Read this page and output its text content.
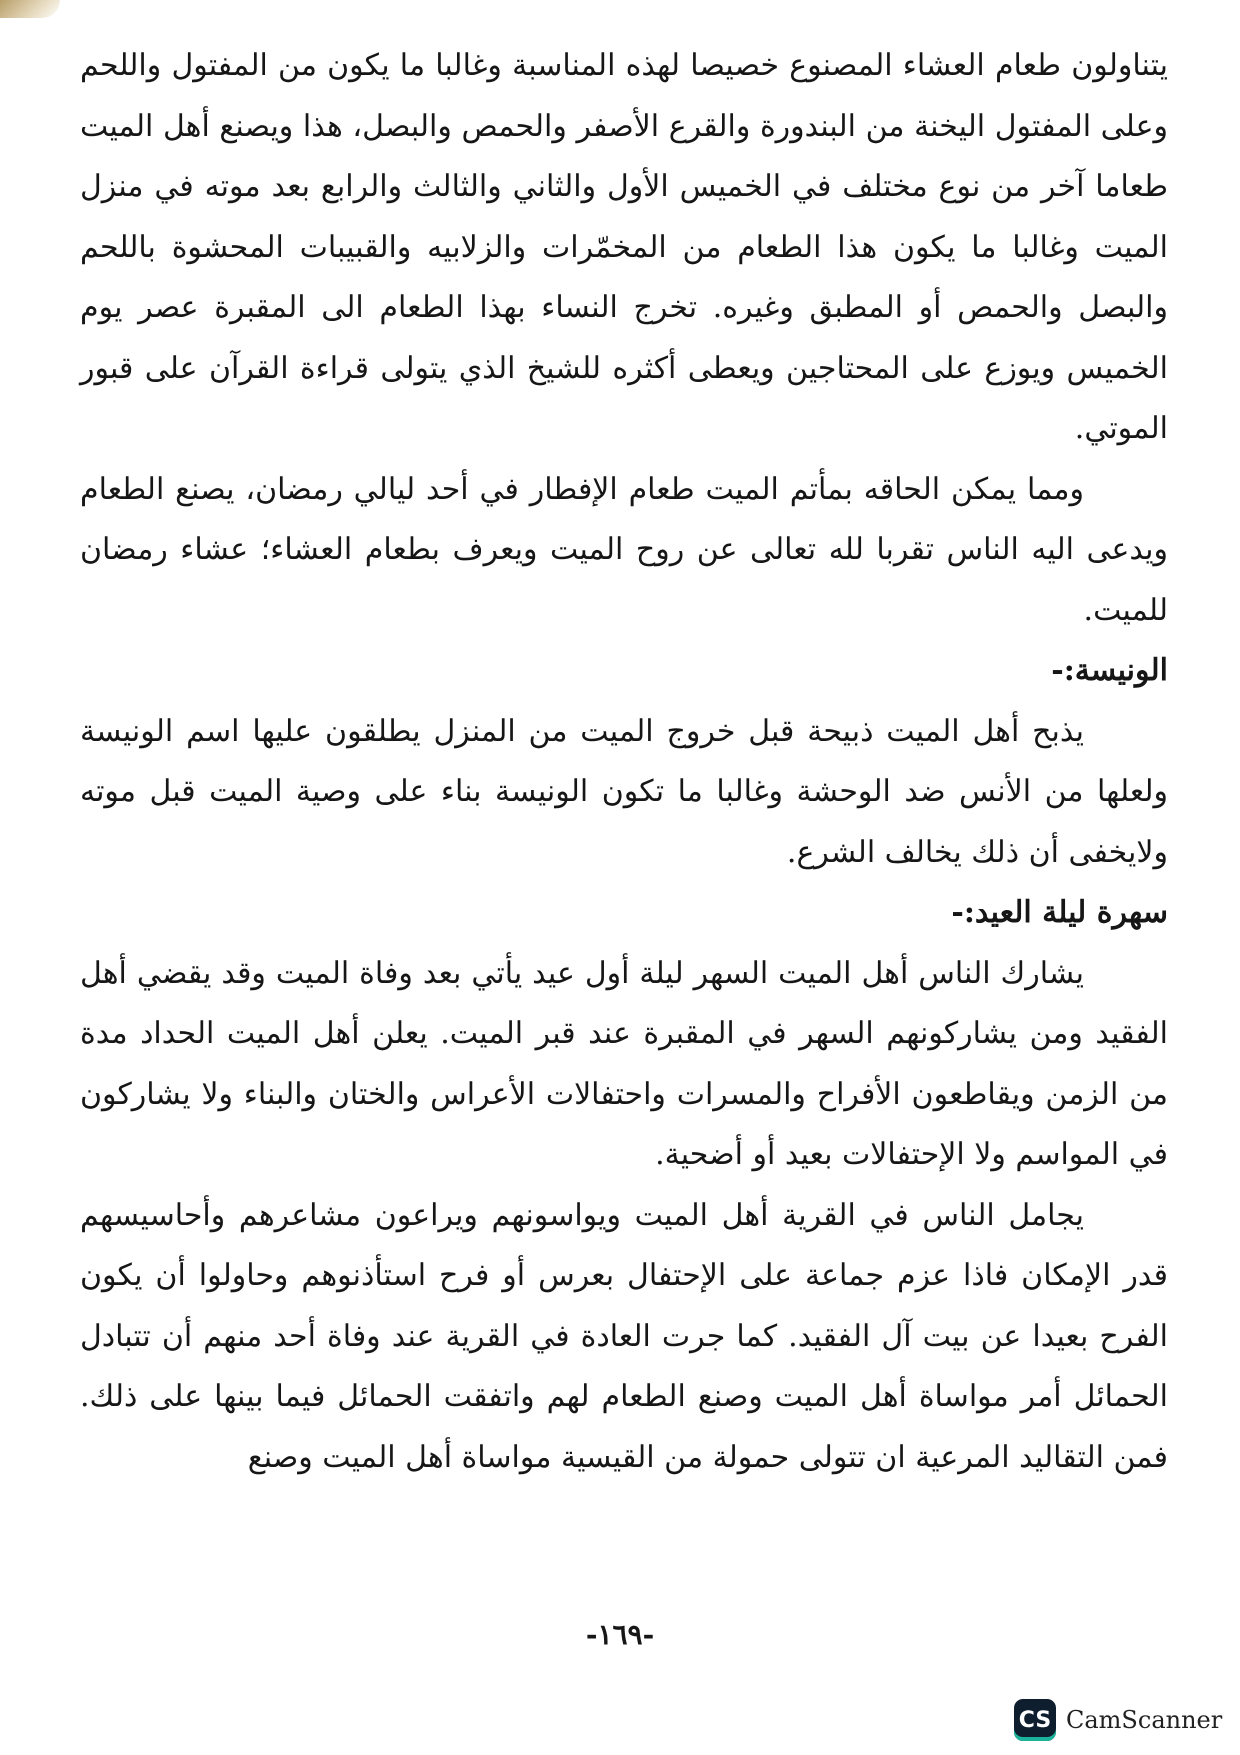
يتناولون طعام العشاء المصنوع خصيصا لهذه المناسبة وغالبا ما يكون من المفتول واللحم وعلى المفتول اليخنة من البندورة والقرع الأصفر والحمص والبصل، هذا ويصنع أهل الميت طعاما آخر من نوع مختلف في الخميس الأول والثاني والثالث والرابع بعد موته في منزل الميت وغالبا ما يكون هذا الطعام من المخمّرات والزلابيه والقبيبات المحشوة باللحم والبصل والحمص أو المطبق وغيره. تخرج النساء بهذا الطعام الى المقبرة عصر يوم الخميس ويوزع على المحتاجين ويعطى أكثره للشيخ الذي يتولى قراءة القرآن على قبور الموتي.

ومما يمكن الحاقه بمأتم الميت طعام الإفطار في أحد ليالي رمضان، يصنع الطعام ويدعى اليه الناس تقربا لله تعالى عن روح الميت ويعرف بطعام العشاء؛ عشاء رمضان للميت.

الونيسة:-

يذبح أهل الميت ذبيحة قبل خروج الميت من المنزل يطلقون عليها اسم الونيسة ولعلها من الأنس ضد الوحشة وغالبا ما تكون الونيسة بناء على وصية الميت قبل موته ولايخفى أن ذلك يخالف الشرع.

سهرة ليلة العيد:-

يشارك الناس أهل الميت السهر ليلة أول عيد يأتي بعد وفاة الميت وقد يقضي أهل الفقيد ومن يشاركونهم السهر في المقبرة عند قبر الميت. يعلن أهل الميت الحداد مدة من الزمن ويقاطعون الأفراح والمسرات واحتفالات الأعراس والختان والبناء ولا يشاركون في المواسم ولا الإحتفالات بعيد أو أضحية.

يجامل الناس في القرية أهل الميت ويواسونهم ويراعون مشاعرهم وأحاسيسهم قدر الإمكان فاذا عزم جماعة على الإحتفال بعرس أو فرح استأذنوهم وحاولوا أن يكون الفرح بعيدا عن بيت آل الفقيد. كما جرت العادة في القرية عند وفاة أحد منهم أن تتبادل الحمائل أمر مواساة أهل الميت وصنع الطعام لهم واتفقت الحمائل فيما بينها على ذلك. فمن التقاليد المرعية ان تتولى حمولة من القيسية مواساة أهل الميت وصنع

-١٦٩-
CS CamScanner
